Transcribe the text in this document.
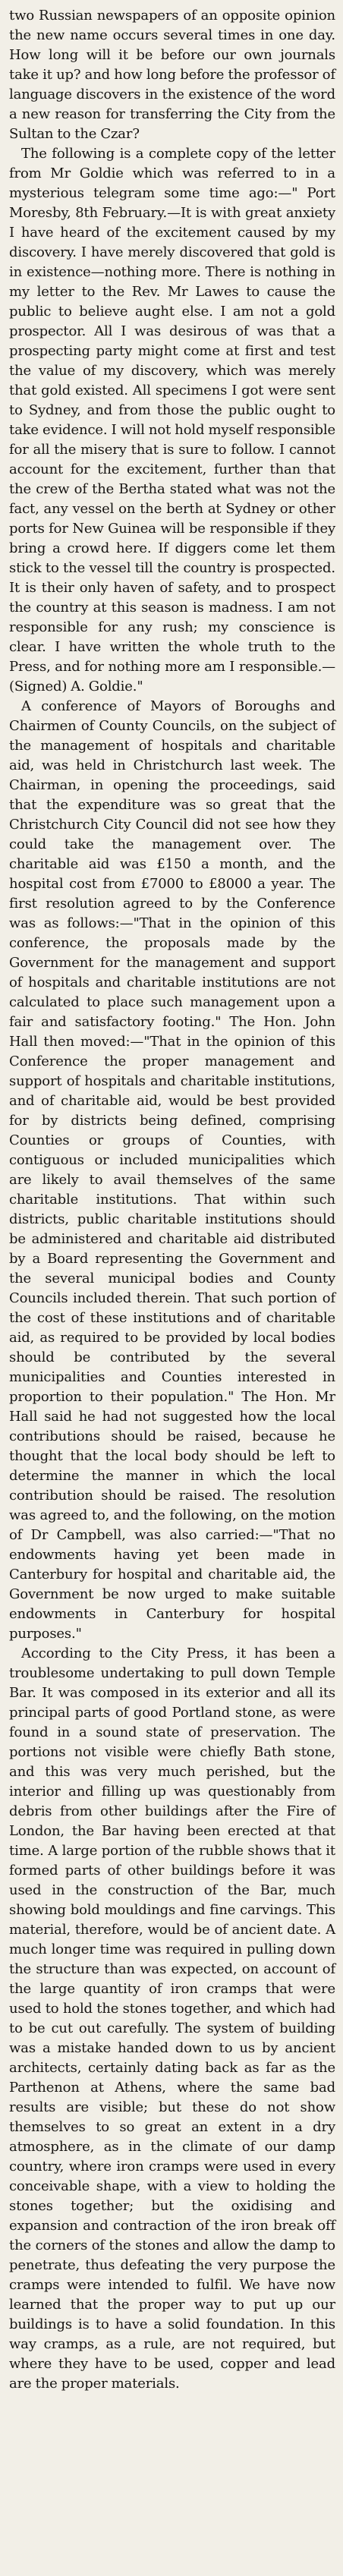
two Russian newspapers of an opposite opinion the new name occurs several times in one day. How long will it be before our own journals take it up? and how long before the professor of language discovers in the existence of the word a new reason for transferring the City from the Sultan to the Czar?

The following is a complete copy of the letter from Mr Goldie which was referred to in a mysterious telegram some time ago:—" Port Moresby, 8th February.—It is with great anxiety I have heard of the excitement caused by my discovery. I have merely discovered that gold is in existence—nothing more. There is nothing in my letter to the Rev. Mr Lawes to cause the public to believe aught else. I am not a gold prospector. All I was desirous of was that a prospecting party might come at first and test the value of my discovery, which was merely that gold existed. All specimens I got were sent to Sydney, and from those the public ought to take evidence. I will not hold myself responsible for all the misery that is sure to follow. I cannot account for the excitement, further than that the crew of the Bertha stated what was not the fact, any vessel on the berth at Sydney or other ports for New Guinea will be responsible if they bring a crowd here. If diggers come let them stick to the vessel till the country is prospected. It is their only haven of safety, and to prospect the country at this season is madness. I am not responsible for any rush; my conscience is clear. I have written the whole truth to the Press, and for nothing more am I responsible.—(Signed) A. Goldie."

A conference of Mayors of Boroughs and Chairmen of County Councils, on the subject of the management of hospitals and charitable aid, was held in Christchurch last week. The Chairman, in opening the proceedings, said that the expenditure was so great that the Christchurch City Council did not see how they could take the management over. The charitable aid was £150 a month, and the hospital cost from £7000 to £8000 a year. The first resolution agreed to by the Conference was as follows:—"That in the opinion of this conference, the proposals made by the Government for the management and support of hospitals and charitable institutions are not calculated to place such management upon a fair and satisfactory footing." The Hon. John Hall then moved:—"That in the opinion of this Conference the proper management and support of hospitals and charitable institutions, and of charitable aid, would be best provided for by districts being defined, comprising Counties or groups of Counties, with contiguous or included municipalities which are likely to avail themselves of the same charitable institutions. That within such districts, public charitable institutions should be administered and charitable aid distributed by a Board representing the Government and the several municipal bodies and County Councils included therein. That such portion of the cost of these institutions and of charitable aid, as required to be provided by local bodies should be contributed by the several municipalities and Counties interested in proportion to their population." The Hon. Mr Hall said he had not suggested how the local contributions should be raised, because he thought that the local body should be left to determine the manner in which the local contribution should be raised. The resolution was agreed to, and the following, on the motion of Dr Campbell, was also carried:—"That no endowments having yet been made in Canterbury for hospital and charitable aid, the Government be now urged to make suitable endowments in Canterbury for hospital purposes."

According to the City Press, it has been a troublesome undertaking to pull down Temple Bar. It was composed in its exterior and all its principal parts of good Portland stone, as were found in a sound state of preservation. The portions not visible were chiefly Bath stone, and this was very much perished, but the interior and filling up was questionably from debris from other buildings after the Fire of London, the Bar having been erected at that time. A large portion of the rubble shows that it formed parts of other buildings before it was used in the construction of the Bar, much showing bold mouldings and fine carvings. This material, therefore, would be of ancient date. A much longer time was required in pulling down the structure than was expected, on account of the large quantity of iron cramps that were used to hold the stones together, and which had to be cut out carefully. The system of building was a mistake handed down to us by ancient architects, certainly dating back as far as the Parthenon at Athens, where the same bad results are visible; but these do not show themselves to so great an extent in a dry atmosphere, as in the climate of our damp country, where iron cramps were used in every conceivable shape, with a view to holding the stones together; but the oxidising and expansion and contraction of the iron break off the corners of the stones and allow the damp to penetrate, thus defeating the very purpose the cramps were intended to fulfil. We have now learned that the proper way to put up our buildings is to have a solid foundation. In this way cramps, as a rule, are not required, but where they have to be used, copper and lead are the proper materials.
